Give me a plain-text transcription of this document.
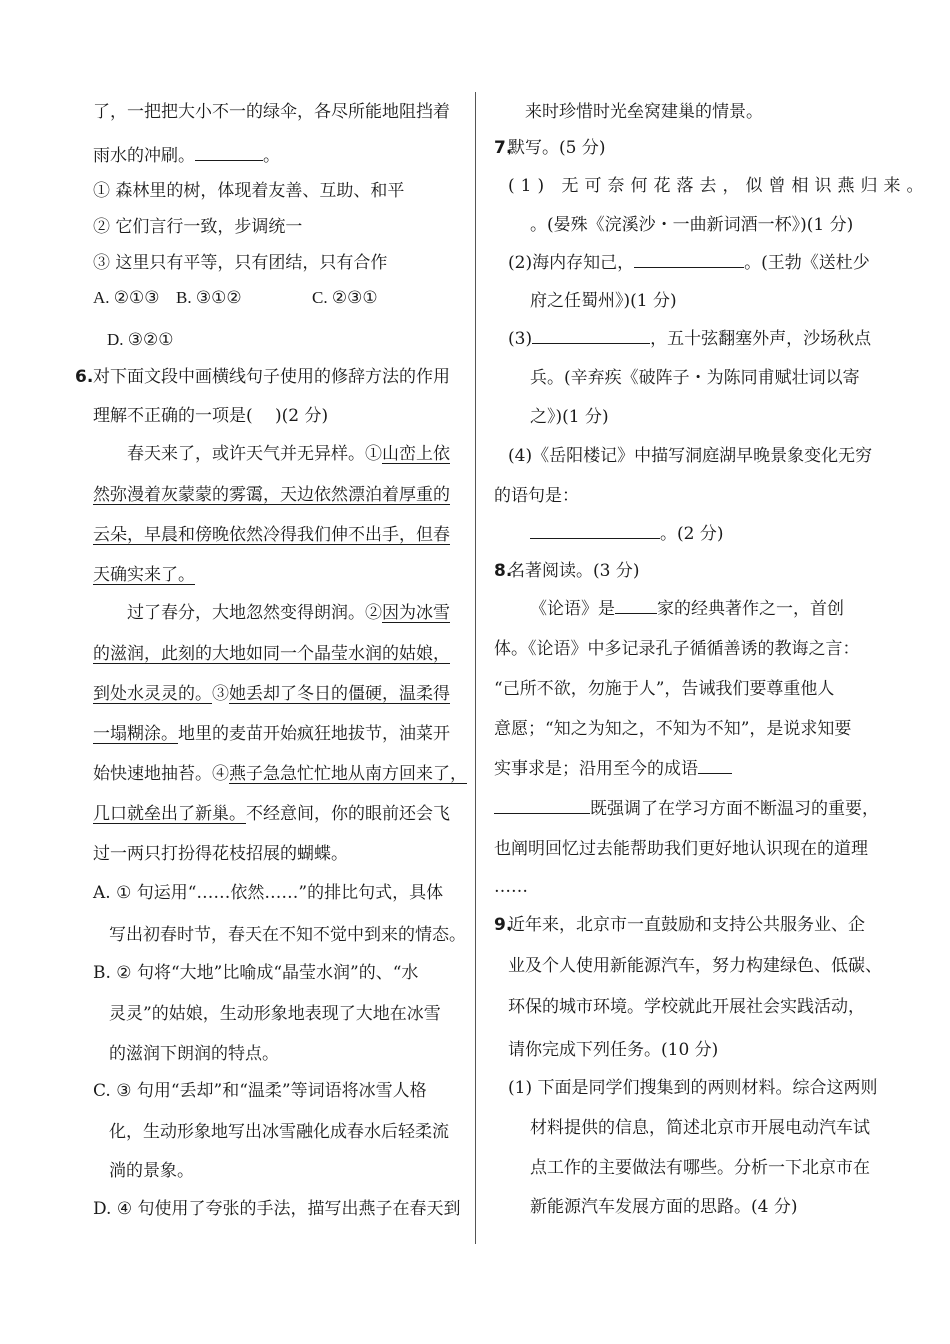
了，一把把大小不一的绿伞，各尽所能地阻挡着
雨水的冲刷。	。
① 森林里的树，体现着友善、互助、和平
② 它们言行一致，步调统一
③ 这里只有平等，只有团结，只有合作
A. ②①③ B. ③①②	C. ②③①
D. ③②①
6. 对下面文段中画横线句子使用的修辞方法的作用
理解不正确的一项是(　 )(2 分)
春天来了，或许天气并无异样。①山峦上依
然弥漫着灰蒙蒙的雾霭，天边依然漂泊着厚重的
云朵，早晨和傍晚依然冷得我们伸不出手，但春
天确实来了。
过了春分，大地忽然变得朗润。②因为冰雪
的滋润，此刻的大地如同一个晶莹水润的姑娘，
到处水灵灵的。③她丢却了冬日的僵硬，温柔得
一塌糊涂。地里的麦苗开始疯狂地拔节，油菜开
始快速地抽苔。④燕子急急忙忙地从南方回来了，
几口就垒出了新巢。不经意间，你的眼前还会飞
过一两只打扮得花枝招展的蝴蝶。
A. ① 句运用“……依然……”的排比句式，具体
写出初春时节，春天在不知不觉中到来的情态。
B. ② 句将“大地”比喻成“晶莹水润”的、“水
灵灵”的姑娘，生动形象地表现了大地在冰雪
的滋润下朗润的特点。
C. ③ 句用“丢却”和“温柔”等词语将冰雪人格
化，生动形象地写出冰雪融化成春水后轻柔流
淌的景象。
D. ④ 句使用了夸张的手法，描写出燕子在春天到
来时珍惜时光垒窝建巢的情景。
7.
默写。(5 分)
(1) 无可奈何花落去，似曾相识燕归来。
。(晏殊《浣溪沙・一曲新词酒一杯》)(1 分)
(2)海内存知己，	。(王勃《送杜少
府之任蜀州》)(1 分)
(3)	，五十弦翻塞外声，沙场秋点
兵。(辛弃疾《破阵子・为陈同甫赋壮词以寄
之》)(1 分)
(4)《岳阳楼记》中描写洞庭湖早晚景象变化无穷
的语句是：
。(2 分)
8.
名著阅读。(3 分)
《论语》是 家的经典著作之一，首创
体。《论语》中多记录孔子循循善诱的教诲之言：
“己所不欲，勿施于人”，告诫我们要尊重他人
意愿；“知之为知之，不知为不知”，是说求知要
实事求是；沿用至今的成语
既强调了在学习方面不断温习的重要，
也阐明回忆过去能帮助我们更好地认识现在的道理
……
9.
近年来，北京市一直鼓励和支持公共服务业、企
业及个人使用新能源汽车，努力构建绿色、低碳、
环保的城市环境。学校就此开展社会实践活动，
请你完成下列任务。(10 分)
(1) 下面是同学们搜集到的两则材料。综合这两则
材料提供的信息，简述北京市开展电动汽车试
点工作的主要做法有哪些。分析一下北京市在
新能源汽车发展方面的思路。(4 分)
